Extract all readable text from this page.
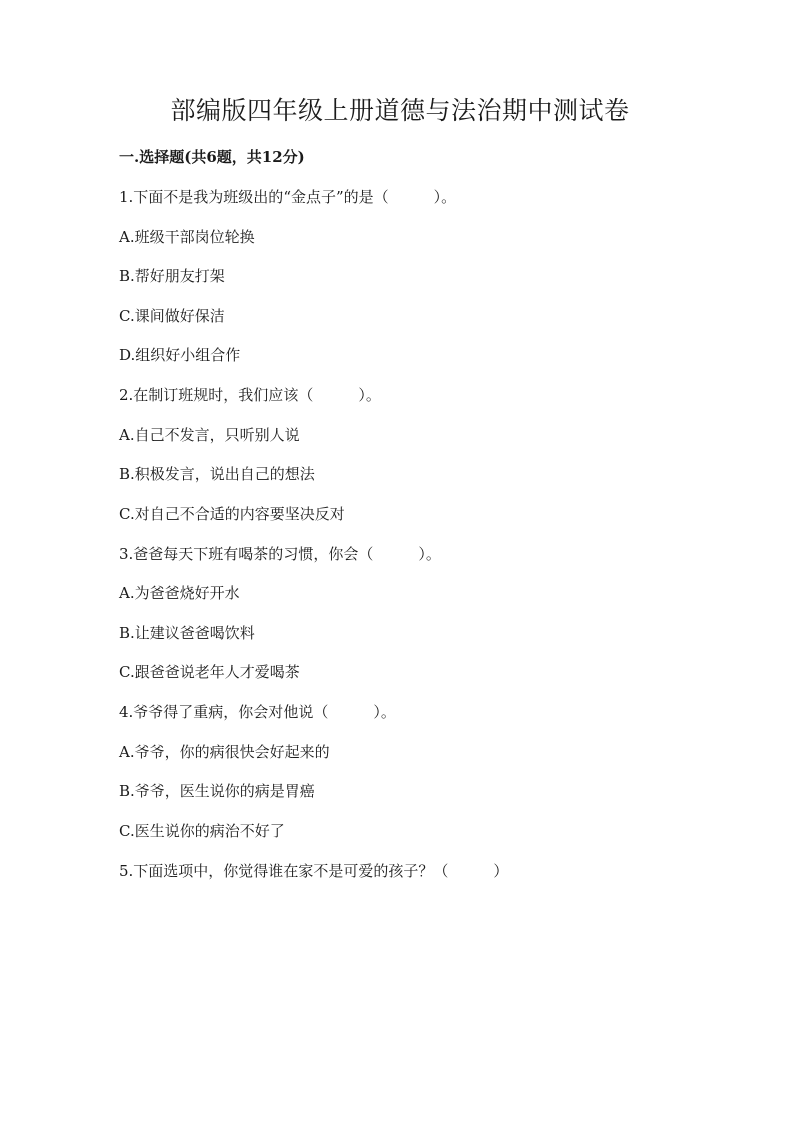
部编版四年级上册道德与法治期中测试卷

一.选择题(共6题，共12分)

1.下面不是我为班级出的“金点子”的是（　　　）。

A.班级干部岗位轮换

B.帮好朋友打架

C.课间做好保洁

D.组织好小组合作

2.在制订班规时，我们应该（　　　）。

A.自己不发言，只听别人说

B.积极发言，说出自己的想法

C.对自己不合适的内容要坚决反对

3.爸爸每天下班有喝茶的习惯，你会（　　　）。

A.为爸爸烧好开水

B.让建议爸爸喝饮料

C.跟爸爸说老年人才爱喝茶

4.爷爷得了重病，你会对他说（　　　）。

A.爷爷，你的病很快会好起来的

B.爷爷，医生说你的病是胃癌

C.医生说你的病治不好了

5.下面选项中，你觉得谁在家不是可爱的孩子？（　　　）
